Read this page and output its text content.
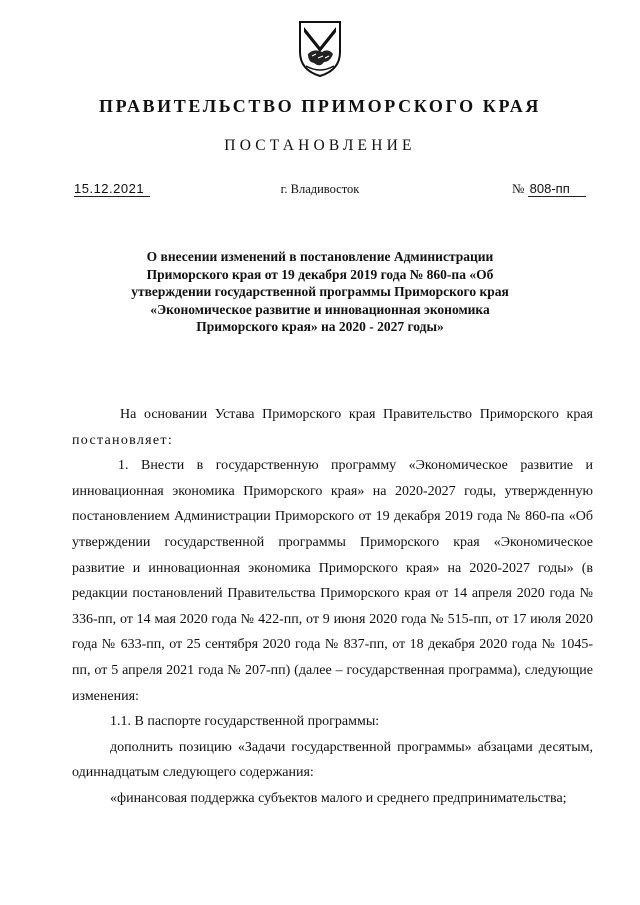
ПРАВИТЕЛЬСТВО ПРИМОРСКОГО КРАЯ
ПОСТАНОВЛЕНИЕ
15.12.2021	г. Владивосток	№ 808-пп
О внесении изменений в постановление Администрации Приморского края от 19 декабря 2019 года № 860-па «Об утверждении государственной программы Приморского края «Экономическое развитие и инновационная экономика Приморского края» на 2020 - 2027 годы»

На основании Устава Приморского края Правительство Приморского края постановляет:

1. Внести в государственную программу «Экономическое развитие и инновационная экономика Приморского края» на 2020-2027 годы, утвержденную постановлением Администрации Приморского от 19 декабря 2019 года № 860-па «Об утверждении государственной программы Приморского края «Экономическое развитие и инновационная экономика Приморского края» на 2020-2027 годы» (в редакции постановлений Правительства Приморского края от 14 апреля 2020 года № 336-пп, от 14 мая 2020 года № 422-пп, от 9 июня 2020 года № 515-пп, от 17 июля 2020 года № 633-пп, от 25 сентября 2020 года № 837-пп, от 18 декабря 2020 года № 1045-пп, от 5 апреля 2021 года № 207-пп) (далее – государственная программа), следующие изменения:

1.1. В паспорте государственной программы:

дополнить позицию «Задачи государственной программы» абзацами десятым, одиннадцатым следующего содержания:

«финансовая поддержка субъектов малого и среднего предпринимательства;
